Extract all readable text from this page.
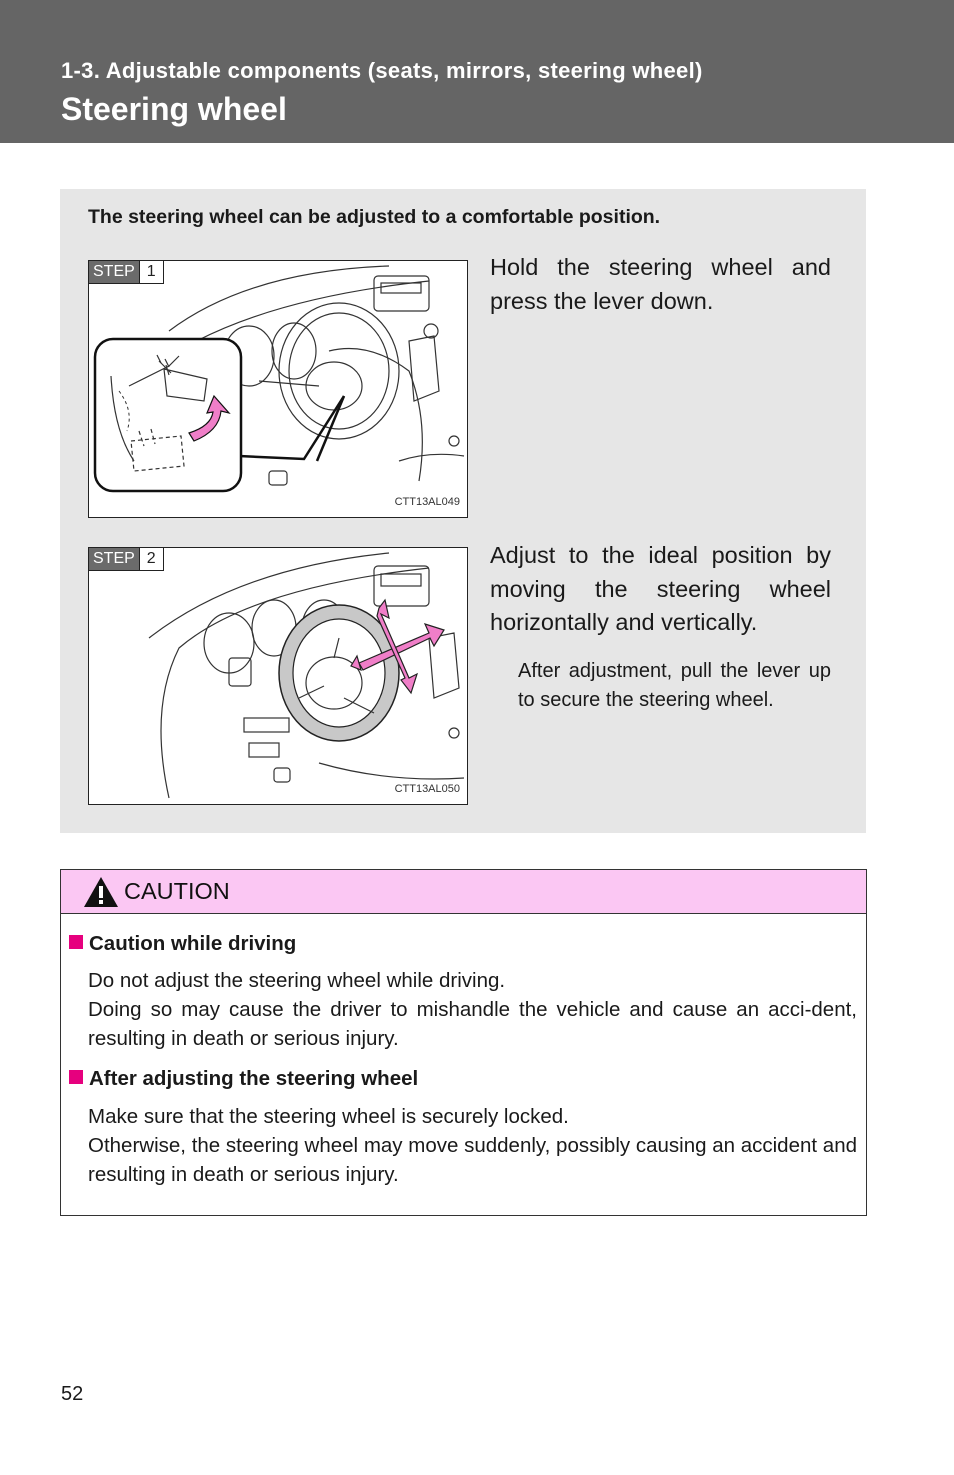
1-3. Adjustable components (seats, mirrors, steering wheel)
Steering wheel
The steering wheel can be adjusted to a comfortable position.
STEP 1
CTT13AL049
Hold the steering wheel and press the lever down.
STEP 2
CTT13AL050
Adjust to the ideal position by moving the steering wheel horizontally and vertically.
After adjustment, pull the lever up to secure the steering wheel.
CAUTION
Caution while driving

Do not adjust the steering wheel while driving.

Doing so may cause the driver to mishandle the vehicle and cause an acci-dent, resulting in death or serious injury.

After adjusting the steering wheel

Make sure that the steering wheel is securely locked.

Otherwise, the steering wheel may move suddenly, possibly causing an accident and resulting in death or serious injury.

52
